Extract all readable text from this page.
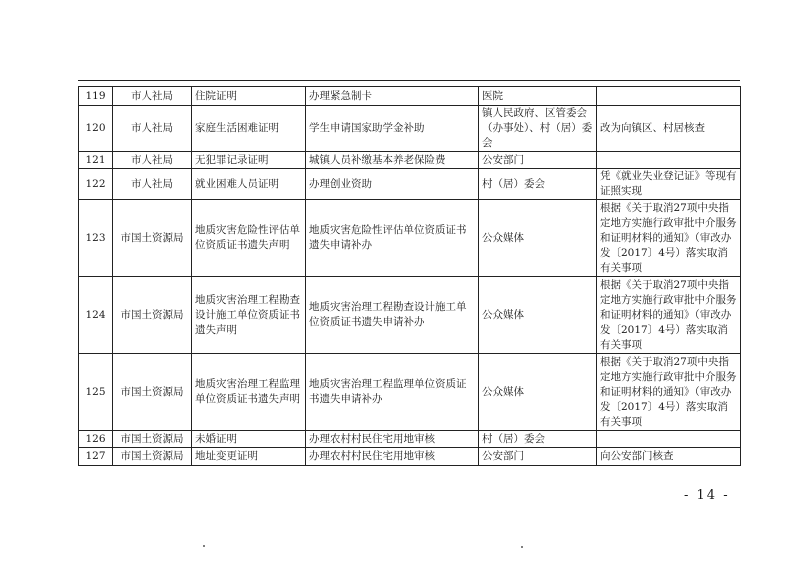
119	市人社局	住院证明	办理紧急制卡	医院	
120	市人社局	家庭生活困难证明	学生申请国家助学金补助	镇人民政府、区管委会（办事处）、村（居）委会	改为向镇区、村居核查
121	市人社局	无犯罪记录证明	城镇人员补缴基本养老保险费	公安部门	
122	市人社局	就业困难人员证明	办理创业资助	村（居）委会	凭《就业失业登记证》等现有证照实现
123	市国土资源局	地质灾害危险性评估单位资质证书遗失声明	地质灾害危险性评估单位资质证书遗失申请补办	公众媒体	根据《关于取消27项中央指定地方实施行政审批中介服务和证明材料的通知》（审改办发〔2017〕4号）落实取消有关事项
124	市国土资源局	地质灾害治理工程勘查设计施工单位资质证书遗失声明	地质灾害治理工程勘查设计施工单位资质证书遗失申请补办	公众媒体	根据《关于取消27项中央指定地方实施行政审批中介服务和证明材料的通知》（审改办发〔2017〕4号）落实取消有关事项
125	市国土资源局	地质灾害治理工程监理单位资质证书遗失声明	地质灾害治理工程监理单位资质证书遗失申请补办	公众媒体	根据《关于取消27项中央指定地方实施行政审批中介服务和证明材料的通知》（审改办发〔2017〕4号）落实取消有关事项
126	市国土资源局	未婚证明	办理农村村民住宅用地审核	村（居）委会	
127	市国土资源局	地址变更证明	办理农村村民住宅用地审核	公安部门	向公安部门核查
- 14 -
